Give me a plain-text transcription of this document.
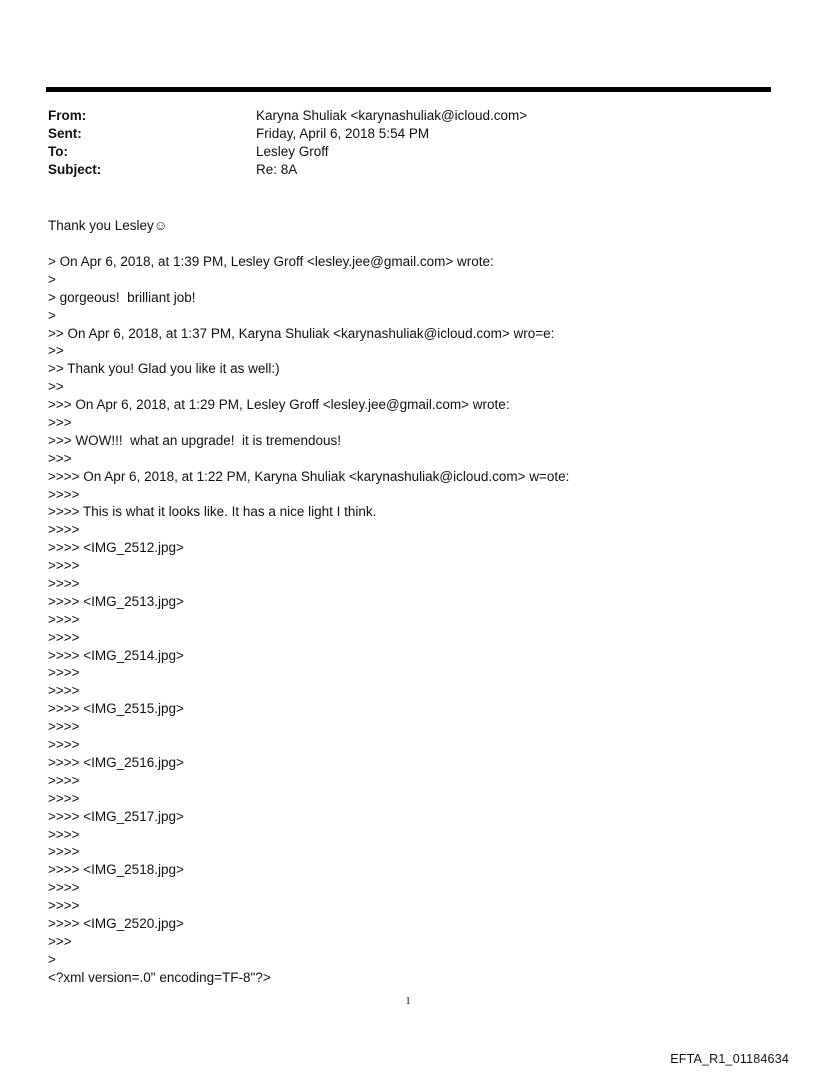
From:	Karyna Shuliak <karynashuliak@icloud.com>
Sent:	Friday, April 6, 2018 5:54 PM
To:	Lesley Groff
Subject:	Re: 8A
Thank you Lesley☺
> On Apr 6, 2018, at 1:39 PM, Lesley Groff <lesley.jee@gmail.com> wrote:
>
> gorgeous!  brilliant job!
>
>> On Apr 6, 2018, at 1:37 PM, Karyna Shuliak <karynashuliak@icloud.com> wro=e:
>>
>> Thank you! Glad you like it as well:)
>>
>>> On Apr 6, 2018, at 1:29 PM, Lesley Groff <lesley.jee@gmail.com> wrote:
>>>
>>> WOW!!!  what an upgrade!  it is tremendous!
>>>
>>>> On Apr 6, 2018, at 1:22 PM, Karyna Shuliak <karynashuliak@icloud.com> w=ote:
>>>>
>>>> This is what it looks like. It has a nice light I think.
>>>>
>>>> <IMG_2512.jpg>
>>>>
>>>>
>>>> <IMG_2513.jpg>
>>>>
>>>>
>>>> <IMG_2514.jpg>
>>>>
>>>>
>>>> <IMG_2515.jpg>
>>>>
>>>>
>>>> <IMG_2516.jpg>
>>>>
>>>>
>>>> <IMG_2517.jpg>
>>>>
>>>>
>>>> <IMG_2518.jpg>
>>>>
>>>>
>>>> <IMG_2520.jpg>
>>>
>
<?xml version=.0" encoding=TF-8"?>
1
EFTA_R1_01184634
